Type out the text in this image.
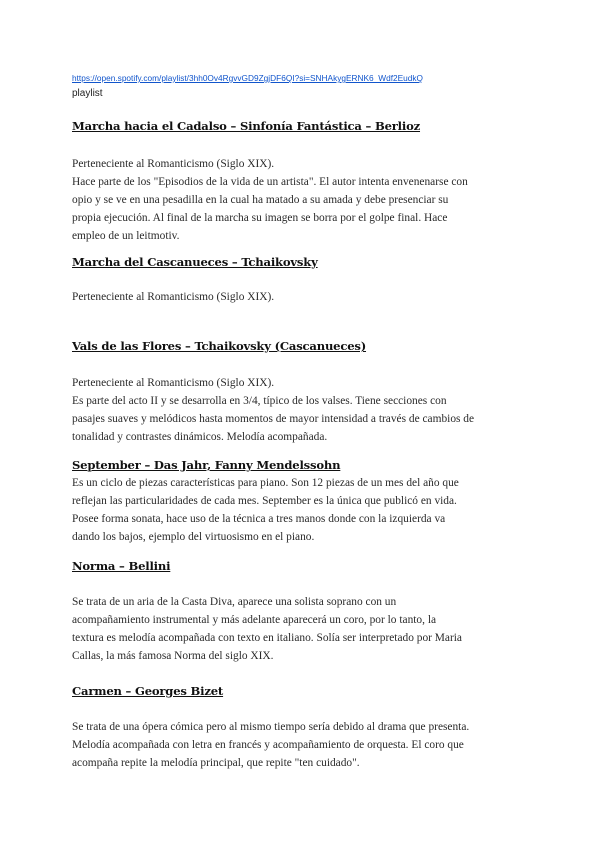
https://open.spotify.com/playlist/3hh0Ov4RgvvGD9ZgjDF6QI?si=SNHAkygERNK6_Wdf2EudkQ
playlist
Marcha hacia el Cadalso – Sinfonía Fantástica – Berlioz
Perteneciente al Romanticismo (Siglo XIX).
Hace parte de los "Episodios de la vida de un artista". El autor intenta envenenarse con
opio y se ve en una pesadilla en la cual ha matado a su amada y debe presenciar su
propia ejecución. Al final de la marcha su imagen se borra por el golpe final. Hace
empleo de un leitmotiv.
Marcha del Cascanueces – Tchaikovsky
Perteneciente al Romanticismo (Siglo XIX).
Vals de las Flores – Tchaikovsky (Cascanueces)
Perteneciente al Romanticismo (Siglo XIX).
Es parte del acto II y se desarrolla en 3/4, típico de los valses. Tiene secciones con
pasajes suaves y melódicos hasta momentos de mayor intensidad a través de cambios de
tonalidad y contrastes dinámicos. Melodía acompañada.
September – Das Jahr, Fanny Mendelssohn
Es un ciclo de piezas características para piano. Son 12 piezas de un mes del año que
reflejan las particularidades de cada mes. September es la única que publicó en vida.
Posee forma sonata, hace uso de la técnica a tres manos donde con la izquierda va
dando los bajos, ejemplo del virtuosismo en el piano.
Norma – Bellini
Se trata de un aria de la Casta Diva, aparece una solista soprano con un
acompañamiento instrumental y más adelante aparecerá un coro, por lo tanto, la
textura es melodía acompañada con texto en italiano. Solía ser interpretado por Maria
Callas, la más famosa Norma del siglo XIX.
Carmen – Georges Bizet
Se trata de una ópera cómica pero al mismo tiempo sería debido al drama que presenta.
Melodía acompañada con letra en francés y acompañamiento de orquesta. El coro que
acompaña repite la melodía principal, que repite "ten cuidado".
